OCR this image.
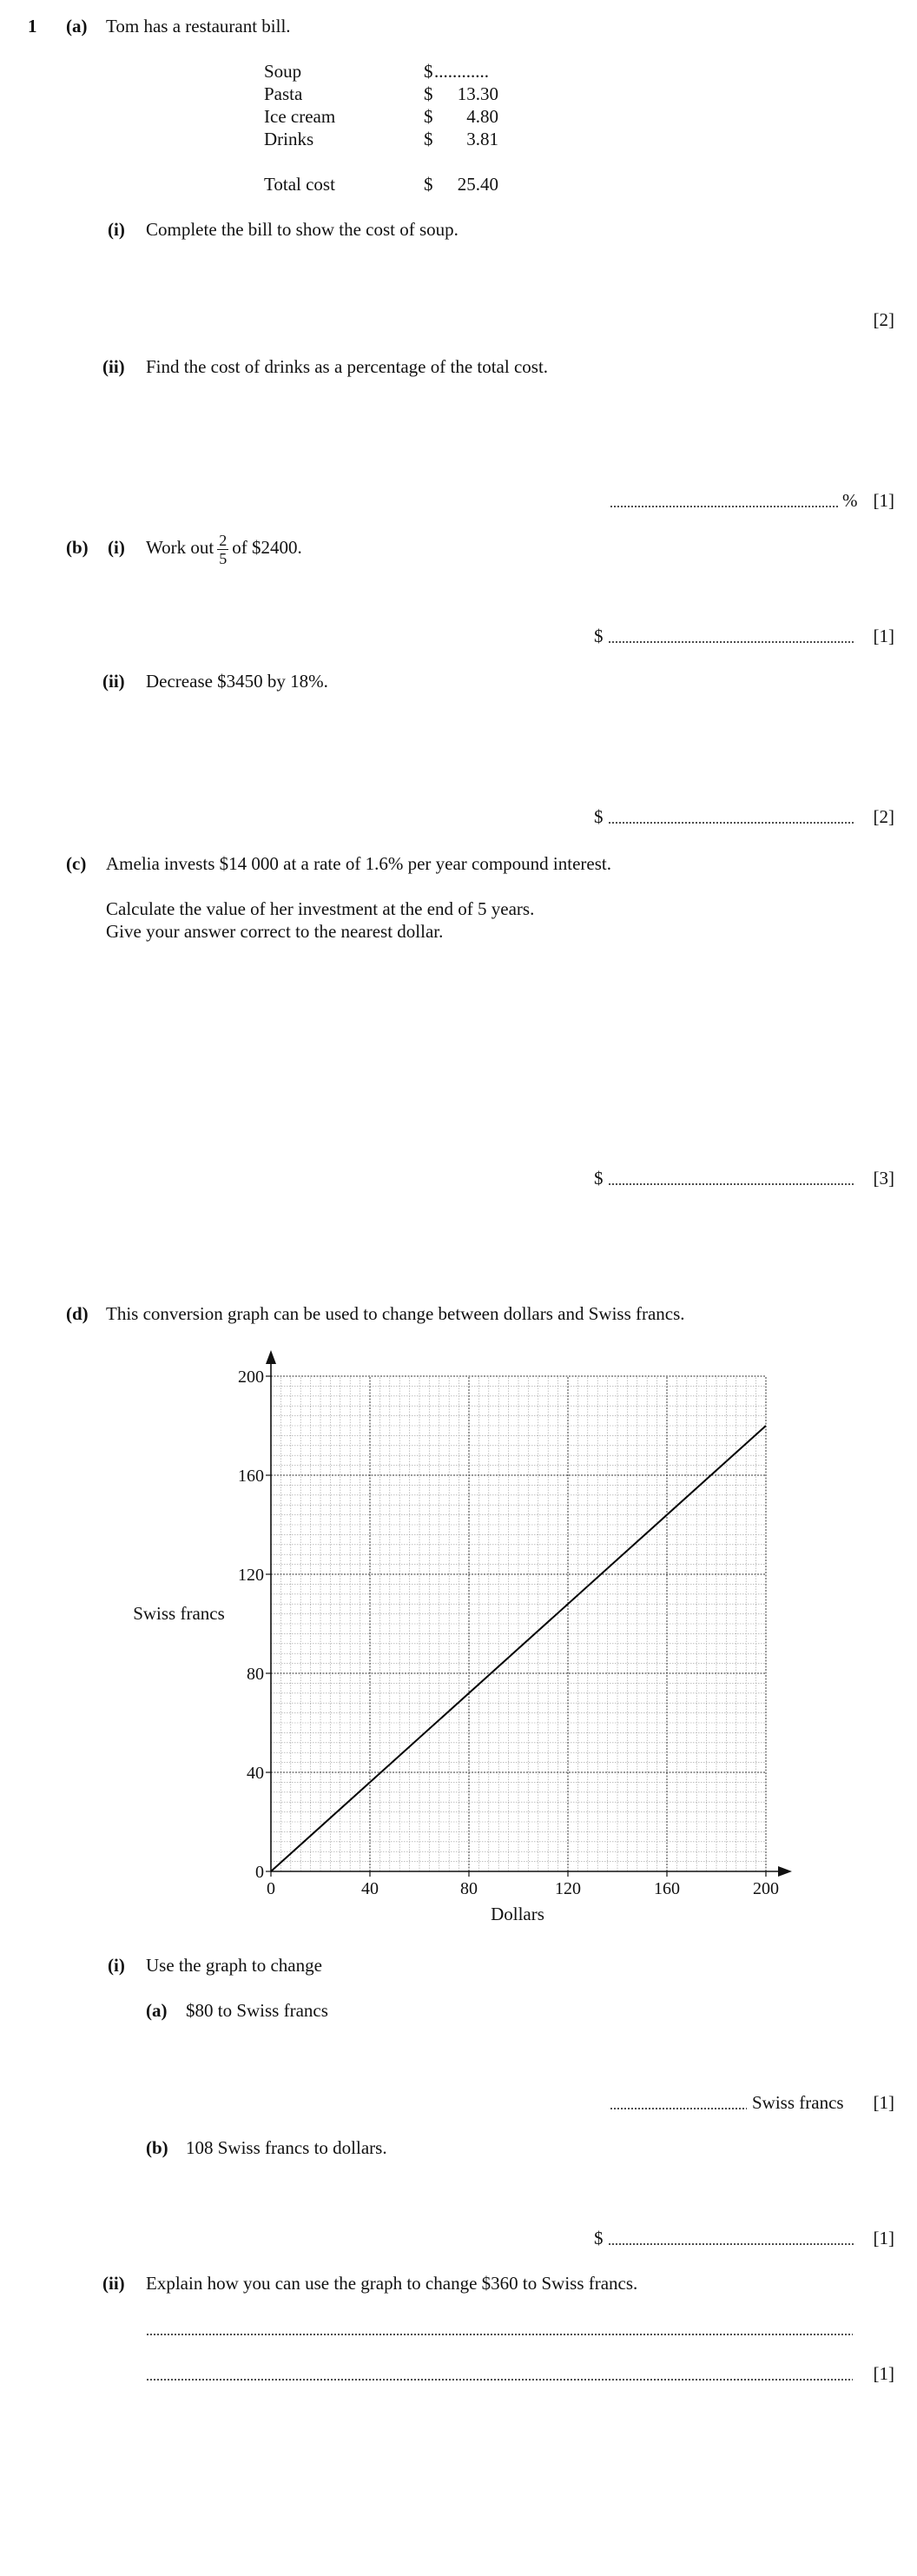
1 (a) Tom has a restaurant bill.
Soup	$ ............
Pasta	$	13.30
Ice cream	$	4.80
Drinks	$	3.81
Total cost	$	25.40
(i) Complete the bill to show the cost of soup.
[2]
(ii) Find the cost of drinks as a percentage of the total cost.
% [1]
(b) (i) Work out $\frac{2}{5}$ of $2400.
$	[1]
(ii) Decrease $3450 by 18%.
$	[2]
(c) Amelia invests $14 000 at a rate of 1.6% per year compound interest.
Calculate the value of her investment at the end of 5 years.
Give your answer correct to the nearest dollar.
$	[3]
(d) This conversion graph can be used to change between dollars and Swiss francs.
0	40	80	120	160	200
0
40
80
120
160
200
Swiss francs
Dollars
(i) Use the graph to change
(a) $80 to Swiss francs
Swiss francs	[1]
(b) 108 Swiss francs to dollars.
$	[1]
(ii) Explain how you can use the graph to change $360 to Swiss francs.
[1]
